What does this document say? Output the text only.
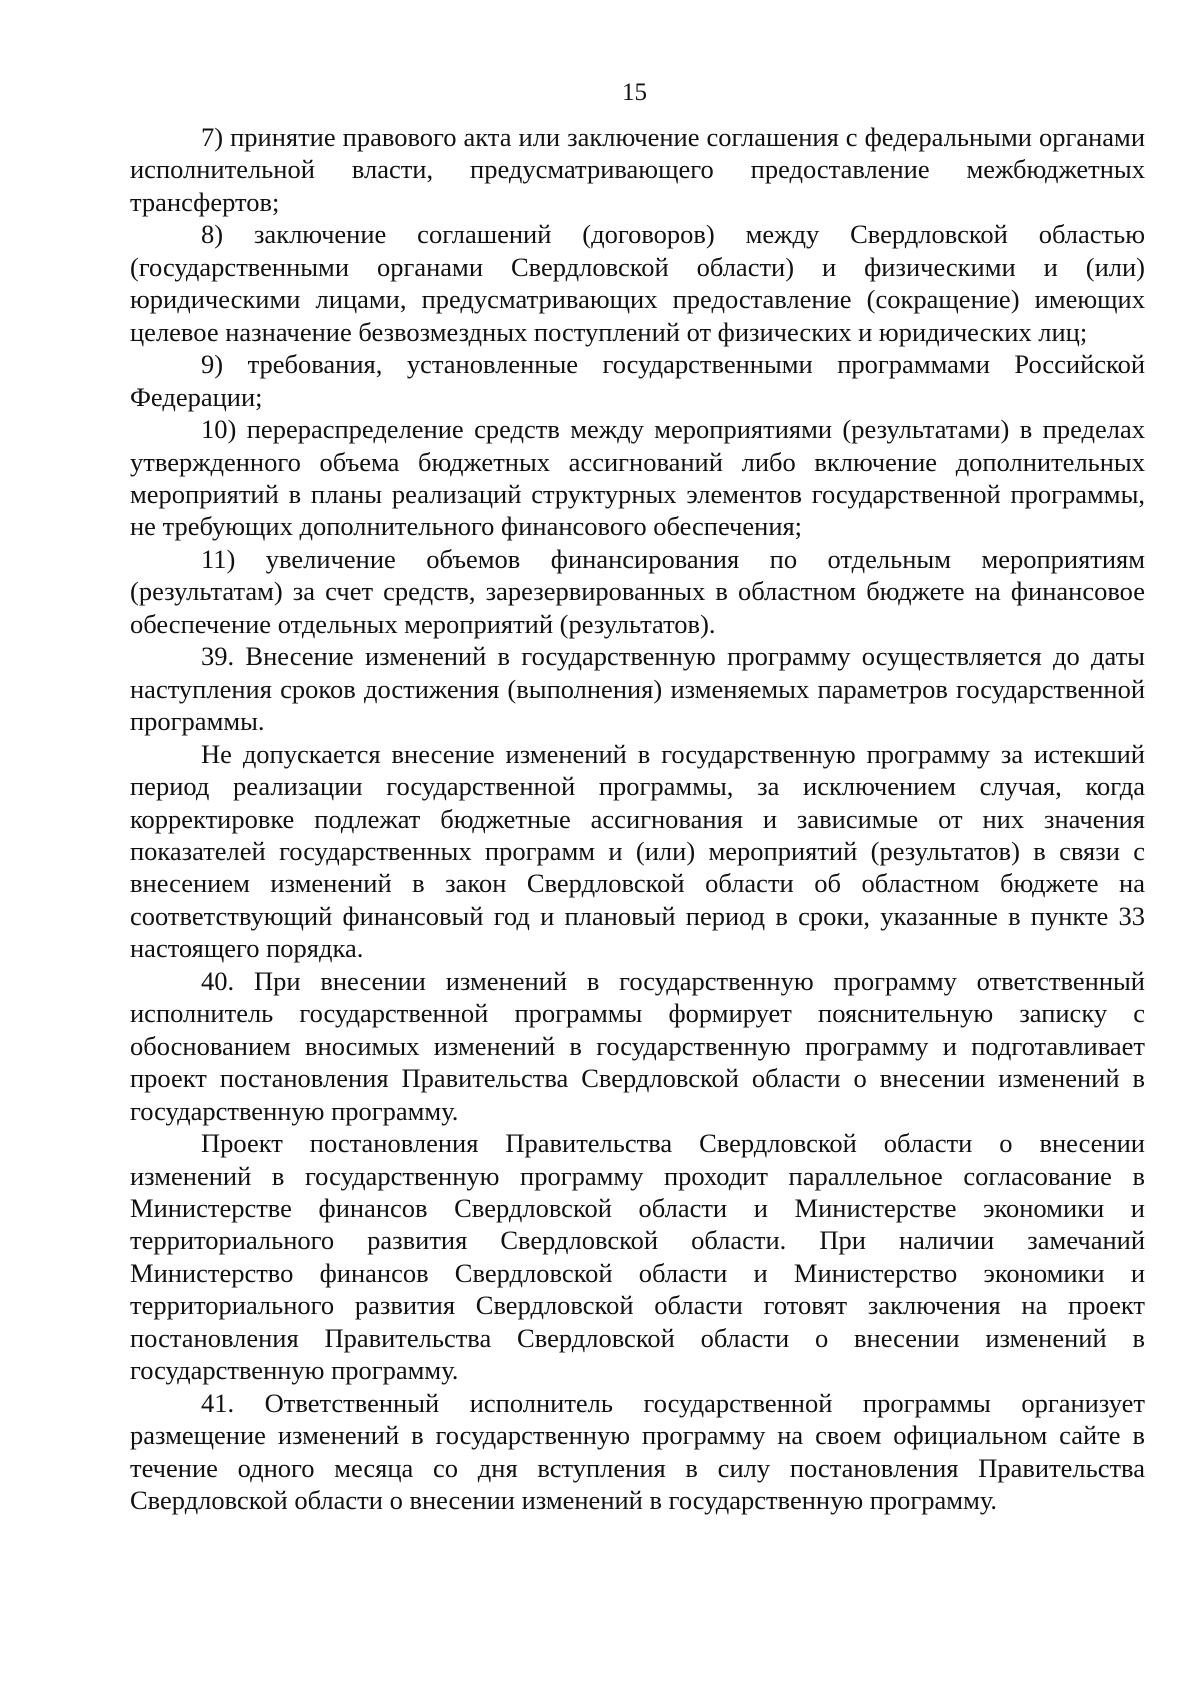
15

7) принятие правового акта или заключение соглашения с федеральными органами исполнительной власти, предусматривающего предоставление межбюджетных трансфертов;

8) заключение соглашений (договоров) между Свердловской областью (государственными органами Свердловской области) и физическими и (или) юридическими лицами, предусматривающих предоставление (сокращение) имеющих целевое назначение безвозмездных поступлений от физических и юридических лиц;

9) требования, установленные государственными программами Российской Федерации;

10) перераспределение средств между мероприятиями (результатами) в пределах утвержденного объема бюджетных ассигнований либо включение дополнительных мероприятий в планы реализаций структурных элементов государственной программы, не требующих дополнительного финансового обеспечения;

11) увеличение объемов финансирования по отдельным мероприятиям (результатам) за счет средств, зарезервированных в областном бюджете на финансовое обеспечение отдельных мероприятий (результатов).

39. Внесение изменений в государственную программу осуществляется до даты наступления сроков достижения (выполнения) изменяемых параметров государственной программы.

Не допускается внесение изменений в государственную программу за истекший период реализации государственной программы, за исключением случая, когда корректировке подлежат бюджетные ассигнования и зависимые от них значения показателей государственных программ и (или) мероприятий (результатов) в связи с внесением изменений в закон Свердловской области об областном бюджете на соответствующий финансовый год и плановый период в сроки, указанные в пункте 33 настоящего порядка.

40. При внесении изменений в государственную программу ответственный исполнитель государственной программы формирует пояснительную записку с обоснованием вносимых изменений в государственную программу и подготавливает проект постановления Правительства Свердловской области о внесении изменений в государственную программу.

Проект постановления Правительства Свердловской области о внесении изменений в государственную программу проходит параллельное согласование в Министерстве финансов Свердловской области и Министерстве экономики и территориального развития Свердловской области. При наличии замечаний Министерство финансов Свердловской области и Министерство экономики и территориального развития Свердловской области готовят заключения на проект постановления Правительства Свердловской области о внесении изменений в государственную программу.

41. Ответственный исполнитель государственной программы организует размещение изменений в государственную программу на своем официальном сайте в течение одного месяца со дня вступления в силу постановления Правительства Свердловской области о внесении изменений в государственную программу.
